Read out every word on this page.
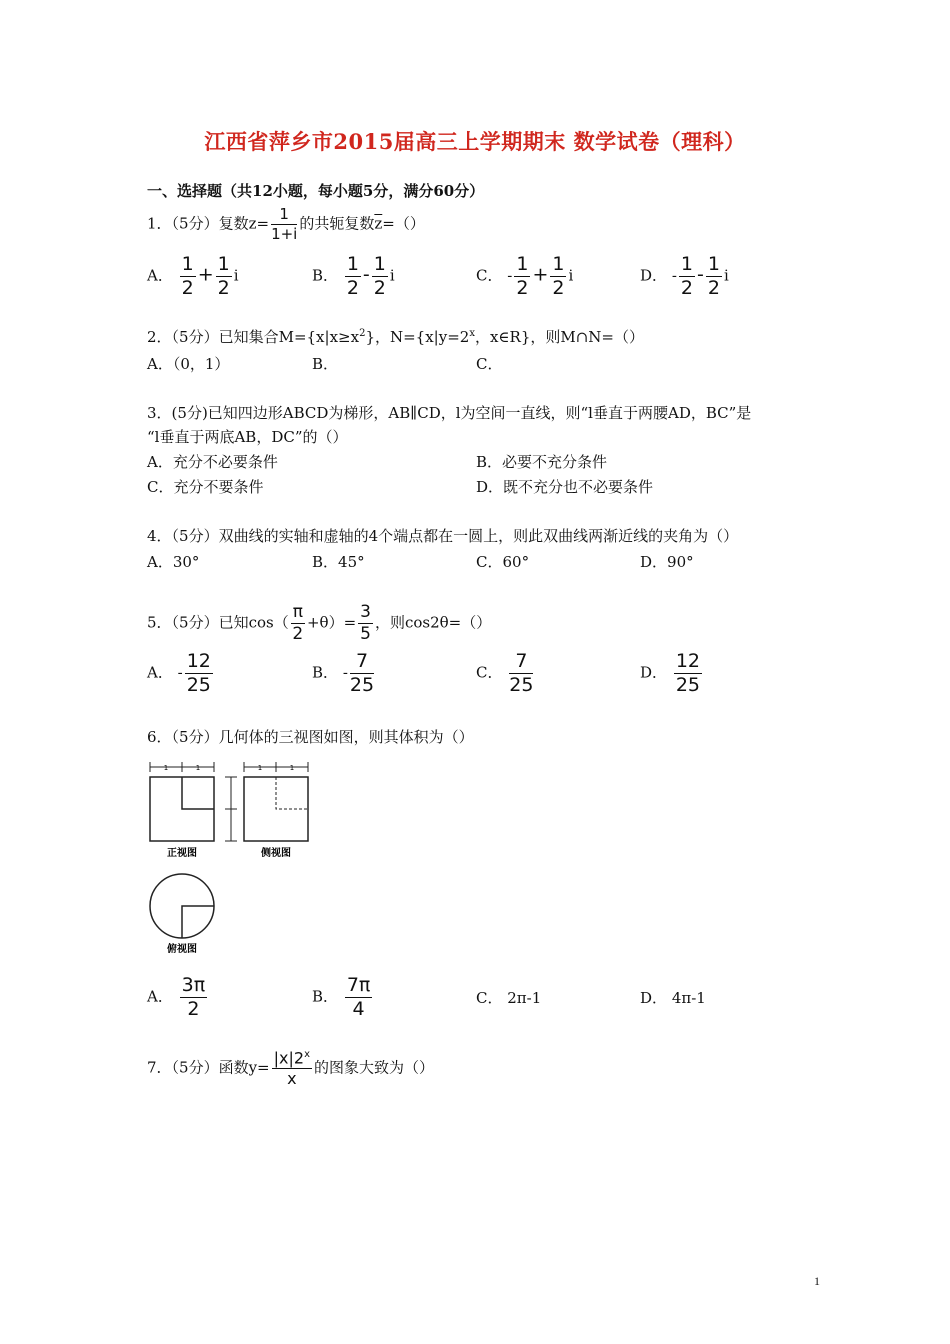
江西省萍乡市2015届高三上学期期末 数学试卷（理科）
一、选择题（共12小题，每小题5分，满分60分）
1．（5分）复数$z= \frac{1}{1+i}$ 的共轭复数$\overline{z}=()$
A． $\frac{1}{2} + \frac{1}{2}$ i	B． $\frac{1}{2} - \frac{1}{2}$ i	C． - $\frac{1}{2} + \frac{1}{2}$ i	D． - $\frac{1}{2} - \frac{1}{2}$ i
2．（5分）已知集合$M=\{x|x\ge x^2\}$，$N=\{x|y=2^x$，x∈R}，则M∩N=（）
A．（0，1）	B．	C．
3．(5分)已知四边形ABCD为梯形，AB∥CD，l为空间一直线，则“l垂直于两腰AD，BC”是
“l垂直于两底AB，DC”的（）
A．充分不必要条件	B．必要不充分条件
C．充分不要条件	D．既不充分也不必要条件
4．（5分）双曲线的实轴和虚轴的4个端点都在一圆上，则此双曲线两渐近线的夹角为（）
A．30°	B．45°	C．60°	D．90°
5．（5分）已知$\cos( \frac{\pi}{2} +\theta)= \frac{3}{5}$ ，则cos2θ=（）
A． - $\frac{12}{25}$	B． - $\frac{7}{25}$	C． $\frac{7}{25}$	D． $\frac{12}{25}$
6．（5分）几何体的三视图如图，则其体积为（）
1	1	1	1
正视图	侧视图
俯视图
A． $\frac{3\pi}{2}$	B． $\frac{7\pi}{4}$	C． 2π-1	D． 4π-1
7．（5分）函数$y= \frac{|x|2^x}{x}$ 的图象大致为（）
1
